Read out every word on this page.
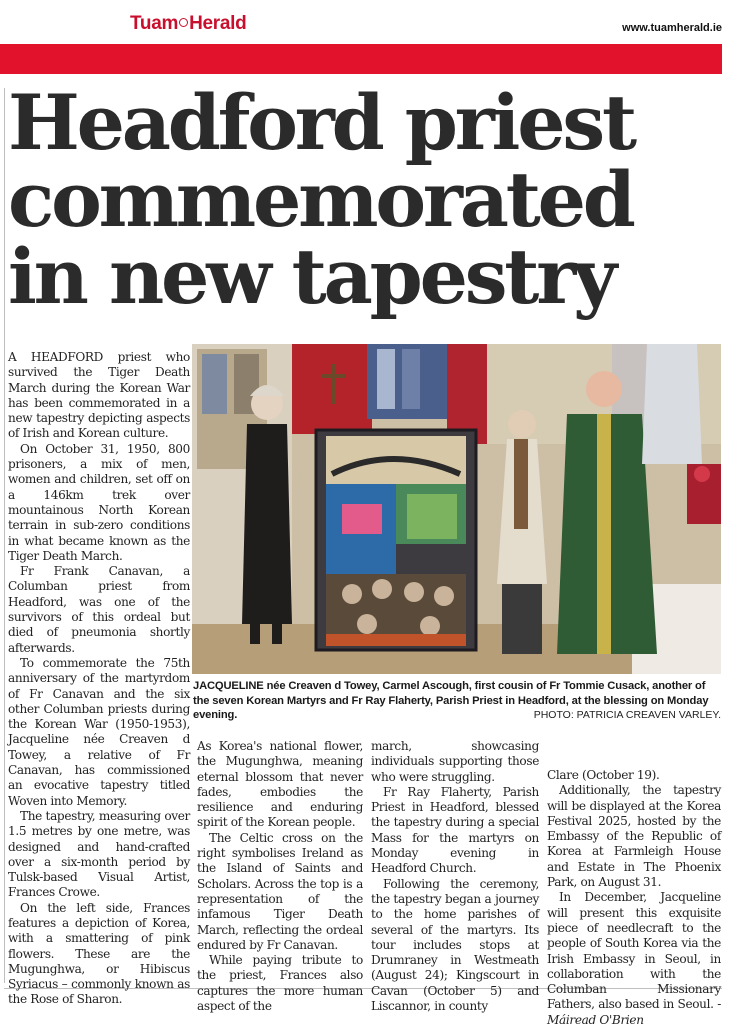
Tuam Herald	www.tuamherald.ie
Headford priest commemorated in new tapestry

A HEADFORD priest who survived the Tiger Death March during the Korean War has been commemorated in a new tapestry depicting aspects of Irish and Korean culture.

On October 31, 1950, 800 prisoners, a mix of men, women and children, set off on a 146km trek over mountainous North Korean terrain in sub-zero conditions in what became known as the Tiger Death March.

Fr Frank Canavan, a Columban priest from Headford, was one of the survivors of this ordeal but died of pneumonia shortly afterwards.

To commemorate the 75th anniversary of the martyrdom of Fr Canavan and the six other Columban priests during the Korean War (1950-1953), Jacqueline née Creaven d Towey, a relative of Fr Canavan, has commissioned an evocative tapestry titled Woven into Memory.

The tapestry, measuring over 1.5 metres by one metre, was designed and hand-crafted over a six-month period by Tulsk-based Visual Artist, Frances Crowe.

On the left side, Frances features a depiction of Korea, with a smattering of pink flowers. These are the Mugunghwa, or Hibiscus Syriacus – commonly known as the Rose of Sharon.

JACQUELINE née Creaven d Towey, Carmel Ascough, first cousin of Fr Tommie Cusack, another of the seven Korean Martyrs and Fr Ray Flaherty, Parish Priest in Headford, at the blessing on Monday evening.	PHOTO: PATRICIA CREAVEN VARLEY.

As Korea's national flower, the Mugunghwa, meaning eternal blossom that never fades, embodies the resilience and enduring spirit of the Korean people.

The Celtic cross on the right symbolises Ireland as the Island of Saints and Scholars. Across the top is a representation of the infamous Tiger Death March, reflecting the ordeal endured by Fr Canavan.

While paying tribute to the priest, Frances also captures the more human aspect of the

march, showcasing individuals supporting those who were struggling.

Fr Ray Flaherty, Parish Priest in Headford, blessed the tapestry during a special Mass for the martyrs on Monday evening in Headford Church.

Following the ceremony, the tapestry began a journey to the home parishes of several of the martyrs. Its tour includes stops at Drumraney in Westmeath (August 24); Kingscourt in Cavan (October 5) and Liscannor, in county

Clare (October 19).

Additionally, the tapestry will be displayed at the Korea Festival 2025, hosted by the Embassy of the Republic of Korea at Farmleigh House and Estate in The Phoenix Park, on August 31.

In December, Jacqueline will present this exquisite piece of needlecraft to the people of South Korea via the Irish Embassy in Seoul, in collaboration with the Columban Missionary Fathers, also based in Seoul. - Máiread O'Brien
